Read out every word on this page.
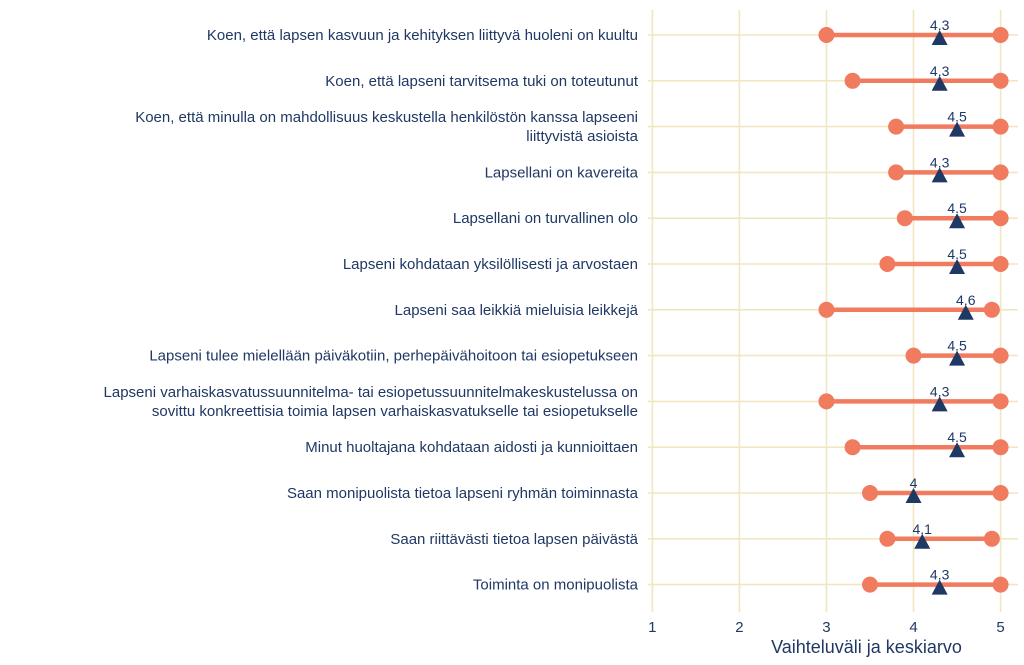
4.3
4.3
4.5
4.3
4.5
4.5
4.6
4.5
4.3
4.5
4
4.1
4.3
Koen, että lapsen kasvuun ja kehityksen liittyvä huoleni on kuultu
Koen, että lapseni tarvitsema tuki on toteutunut
Koen, että minulla on mahdollisuus keskustella henkilöstön kanssa lapseeni liittyvistä asioista
Lapsellani on kavereita
Lapsellani on turvallinen olo
Lapseni kohdataan yksilöllisesti ja arvostaen
Lapseni saa leikkiä mieluisia leikkejä
Lapseni tulee mielellään päiväkotiin, perhepäivähoitoon tai esiopetukseen
Lapseni varhaiskasvatussuunnitelma- tai esiopetussuunnitelmakeskustelussa on sovittu konkreettisia toimia lapsen varhaiskasvatukselle tai esiopetukselle
Minut huoltajana kohdataan aidosti ja kunnioittaen
Saan monipuolista tietoa lapseni ryhmän toiminnasta
Saan riittävästi tietoa lapsen päivästä
Toiminta on monipuolista
1	2	3	4	5
Vaihteluväli ja keskiarvo
